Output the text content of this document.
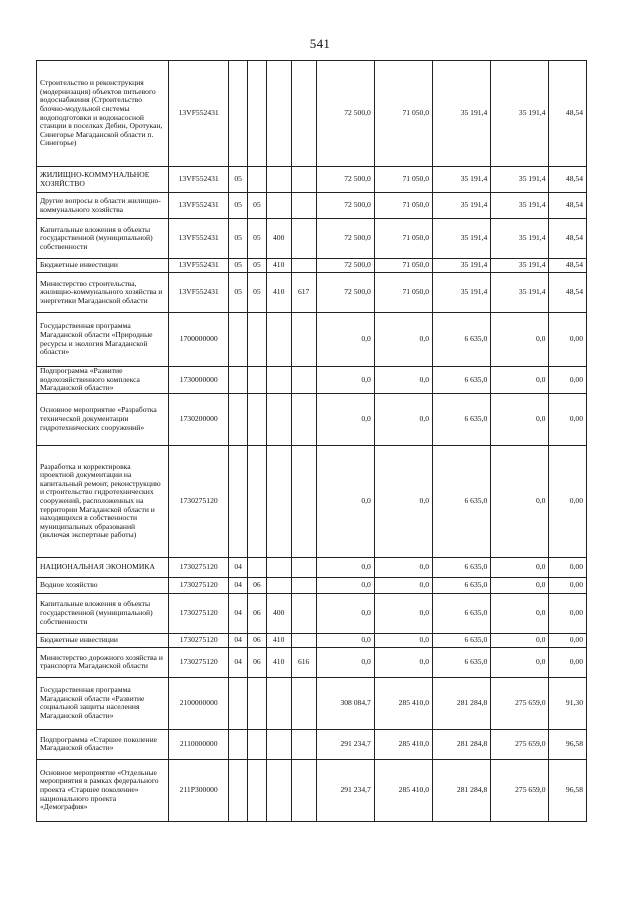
541
Строительство и реконструкция (модернизация) объектов питьевого водоснабжения (Строительство блочно-модульной системы водоподготовки и водонасосной станции в поселках Дебин, Оротукан, Синегорье Магаданской области п. Синегорье)	13VF552431					72 500,0	71 050,0	35 191,4	35 191,4	48,54
ЖИЛИЩНО-КОММУНАЛЬНОЕ ХОЗЯЙСТВО	13VF552431	05				72 500,0	71 050,0	35 191,4	35 191,4	48,54
Другие вопросы в области жилищно-коммунального хозяйства	13VF552431	05	05			72 500,0	71 050,0	35 191,4	35 191,4	48,54
Капитальные вложения в объекты государственной (муниципальной) собственности	13VF552431	05	05	400		72 500,0	71 050,0	35 191,4	35 191,4	48,54
Бюджетные инвестиции	13VF552431	05	05	410		72 500,0	71 050,0	35 191,4	35 191,4	48,54
Министерство строительства, жилищно-коммунального хозяйства и энергетики Магаданской области	13VF552431	05	05	410	617	72 500,0	71 050,0	35 191,4	35 191,4	48,54
Государственная программа Магаданской области «Природные ресурсы и экология Магаданской области»	1700000000					0,0	0,0	6 635,0	0,0	0,00
Подпрограмма «Развитие водохозяйственного комплекса Магаданской области»	1730000000					0,0	0,0	6 635,0	0,0	0,00
Основное мероприятие «Разработка технической документации гидротехнических сооружений»	1730200000					0,0	0,0	6 635,0	0,0	0,00
Разработка и корректировка проектной документации на капитальный ремонт, реконструкцию и строительство гидротехнических сооружений, расположенных на территории Магаданской области и находящихся в собственности муниципальных образований (включая экспертные работы)	1730275120					0,0	0,0	6 635,0	0,0	0,00
НАЦИОНАЛЬНАЯ ЭКОНОМИКА	1730275120	04				0,0	0,0	6 635,0	0,0	0,00
Водное хозяйство	1730275120	04	06			0,0	0,0	6 635,0	0,0	0,00
Капитальные вложения в объекты государственной (муниципальной) собственности	1730275120	04	06	400		0,0	0,0	6 635,0	0,0	0,00
Бюджетные инвестиции	1730275120	04	06	410		0,0	0,0	6 635,0	0,0	0,00
Министерство дорожного хозяйства и транспорта Магаданской области	1730275120	04	06	410	616	0,0	0,0	6 635,0	0,0	0,00
Государственная программа Магаданской области «Развитие социальной защиты населения Магаданской области»	2100000000					308 084,7	285 410,0	281 284,8	275 659,0	91,30
Подпрограмма «Старшее поколение Магаданской области»	2110000000					291 234,7	285 410,0	281 284,8	275 659,0	96,58
Основное мероприятие «Отдельные мероприятия в рамках федерального проекта «Старшее поколение» национального проекта «Демография»	211P300000					291 234,7	285 410,0	281 284,8	275 659,0	96,58
